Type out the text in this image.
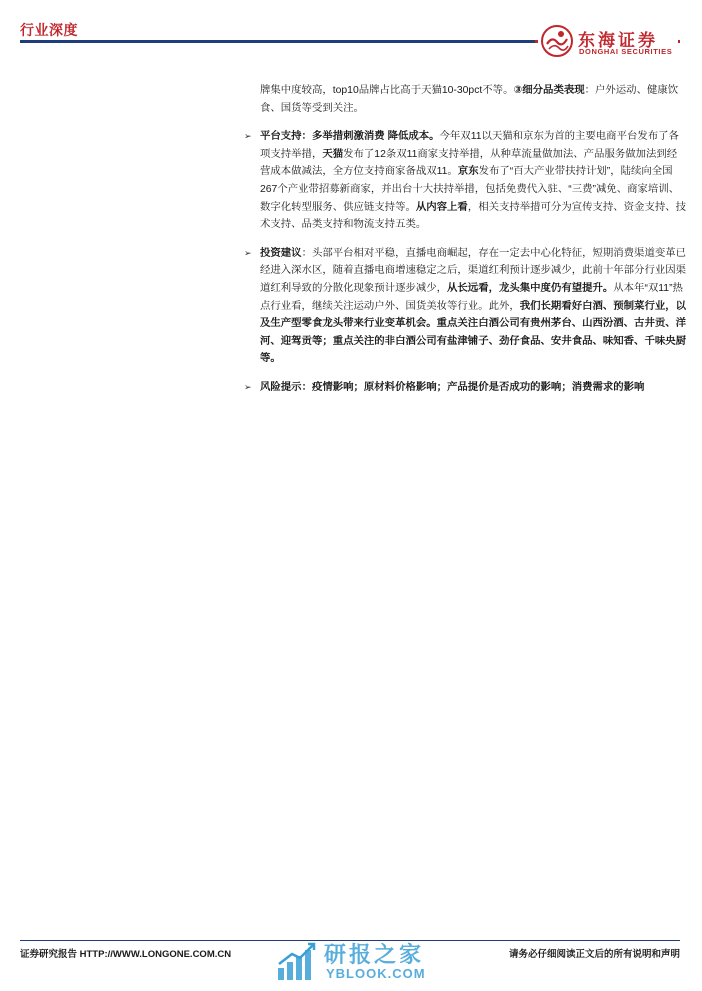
行业深度
东海证券
DONGHAI SECURITIES

牌集中度较高，top10品牌占比高于天猫10-30pct不等。③细分品类表现：户外运动、健康饮食、国货等受到关注。

➢ 平台支持：多举措刺激消费 降低成本。今年双11以天猫和京东为首的主要电商平台发布了各项支持举措，天猫发布了12条双11商家支持举措，从种草流量做加法、产品服务做加法到经营成本做减法，全方位支持商家备战双11。京东发布了“百大产业带扶持计划”，陆续向全国267个产业带招募新商家，并出台十大扶持举措，包括免费代入驻、“三费”减免、商家培训、数字化转型服务、供应链支持等。从内容上看，相关支持举措可分为宣传支持、资金支持、技术支持、品类支持和物流支持五类。
➢ 投资建议：头部平台相对平稳，直播电商崛起，存在一定去中心化特征，短期消费渠道变革已经进入深水区，随着直播电商增速稳定之后，渠道红利预计逐步减少，此前十年部分行业因渠道红利导致的分散化现象预计逐步减少，从长远看，龙头集中度仍有望提升。从本年“双11”热点行业看，继续关注运动户外、国货美妆等行业。此外，我们长期看好白酒、预制菜行业，以及生产型零食龙头带来行业变革机会。重点关注白酒公司有贵州茅台、山西汾酒、古井贡、洋河、迎驾贡等；重点关注的非白酒公司有盐津铺子、劲仔食品、安井食品、味知香、千味央厨等。
➢ 风险提示：疫情影响；原材料价格影响；产品提价是否成功的影响；消费需求的影响
证券研究报告 HTTP://WWW.LONGONE.COM.CN	请务必仔细阅读正文后的所有说明和声明
研报之家
YBLOOK.COM
